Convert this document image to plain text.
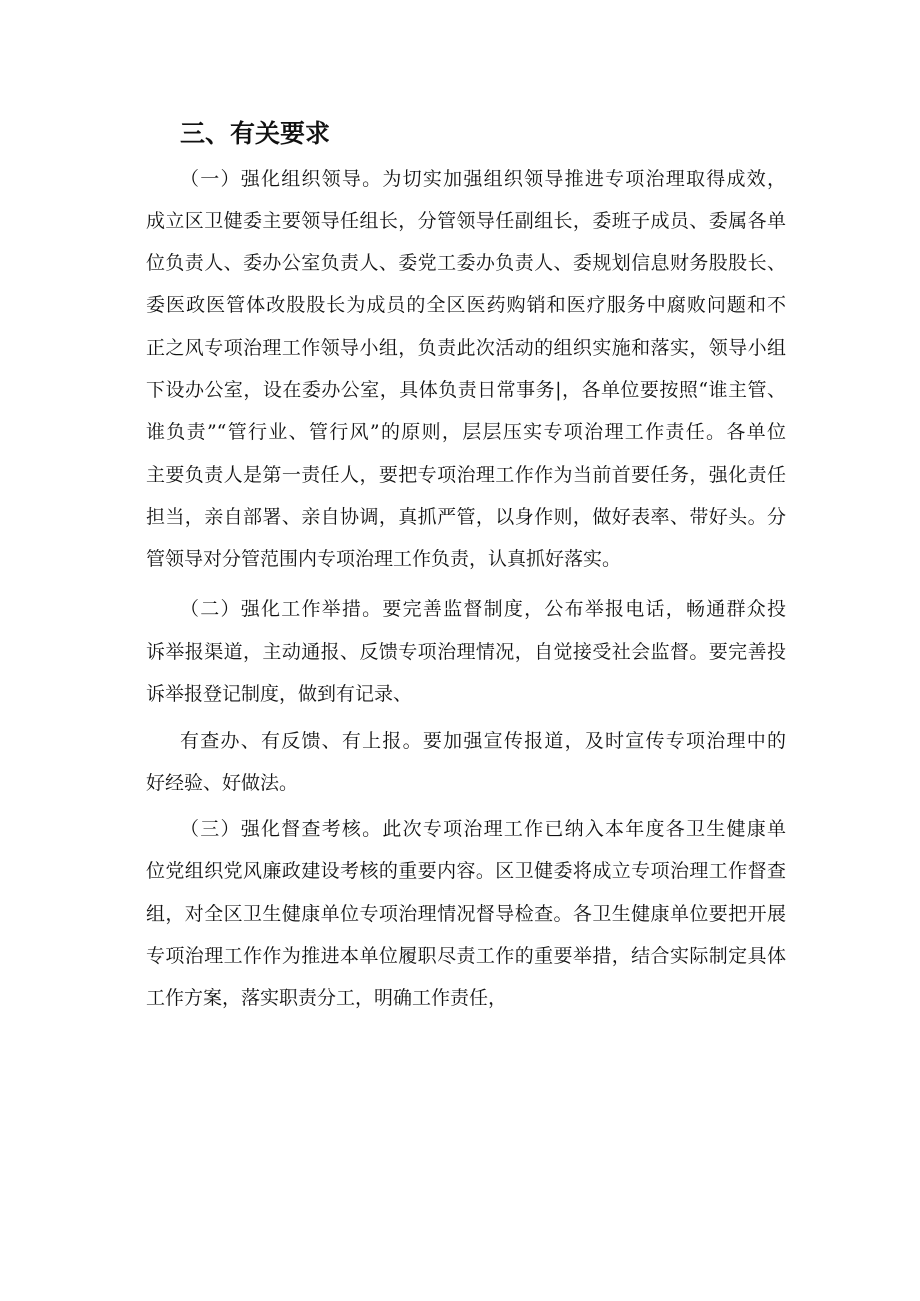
三、有关要求
（一）强化组织领导。为切实加强组织领导推进专项治理取得成效，
成立区卫健委主要领导任组长，分管领导任副组长，委班子成员、委属各单
位负责人、委办公室负责人、委党工委办负责人、委规划信息财务股股长、
委医政医管体改股股长为成员的全区医药购销和医疗服务中腐败问题和不
正之风专项治理工作领导小组，负责此次活动的组织实施和落实，领导小组
下设办公室，设在委办公室，具体负责日常事务|，各单位要按照“谁主管、
谁负责”“管行业、管行风”的原则，层层压实专项治理工作责任。各单位
主要负责人是第一责任人，要把专项治理工作作为当前首要任务，强化责任
担当，亲自部署、亲自协调，真抓严管，以身作则，做好表率、带好头。分
管领导对分管范围内专项治理工作负责，认真抓好落实。
（二）强化工作举措。要完善监督制度，公布举报电话，畅通群众投
诉举报渠道，主动通报、反馈专项治理情况，自觉接受社会监督。要完善投
诉举报登记制度，做到有记录、
有查办、有反馈、有上报。要加强宣传报道，及时宣传专项治理中的
好经验、好做法。
（三）强化督查考核。此次专项治理工作已纳入本年度各卫生健康单
位党组织党风廉政建设考核的重要内容。区卫健委将成立专项治理工作督查
组，对全区卫生健康单位专项治理情况督导检查。各卫生健康单位要把开展
专项治理工作作为推进本单位履职尽责工作的重要举措，结合实际制定具体
工作方案，落实职责分工，明确工作责任，
